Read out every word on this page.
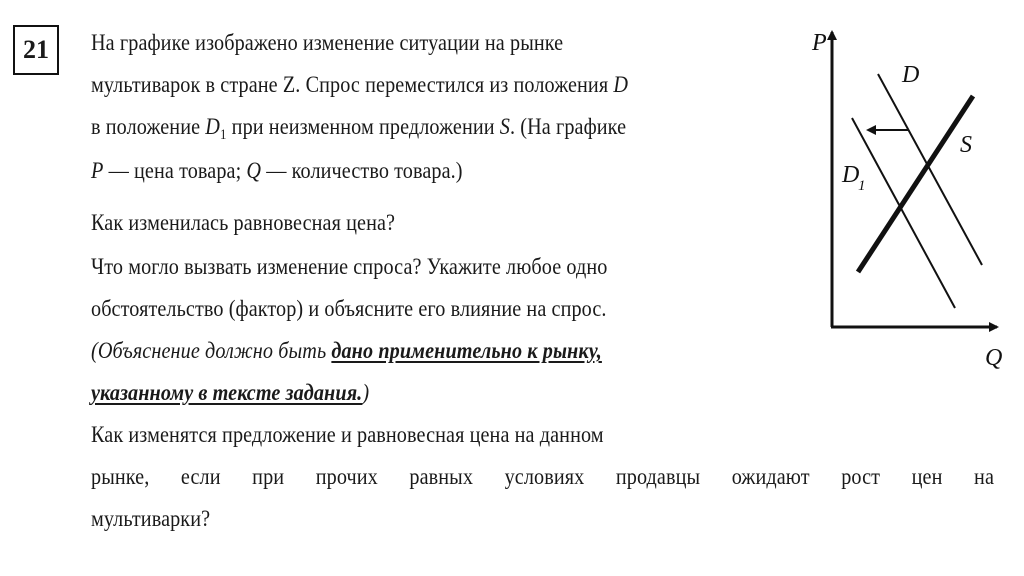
21 На графике изображено изменение ситуации на рынке
мультиварок в стране Z. Спрос переместился из положения D
в положение $D_1$ при неизменном предложении S. (На графике
P — цена товара; Q — количество товара.)
Как изменилась равновесная цена?
Что могло вызвать изменение спроса? Укажите любое одно
обстоятельство (фактор) и объясните его влияние на спрос.
(Объяснение должно быть дано применительно к рынку,
указанному в тексте задания.)
Как изменятся предложение и равновесная цена на данном
рынке, если при прочих равных условиях продавцы ожидают рост цен на
мультиварки?
P
Q
D
D
1
S
